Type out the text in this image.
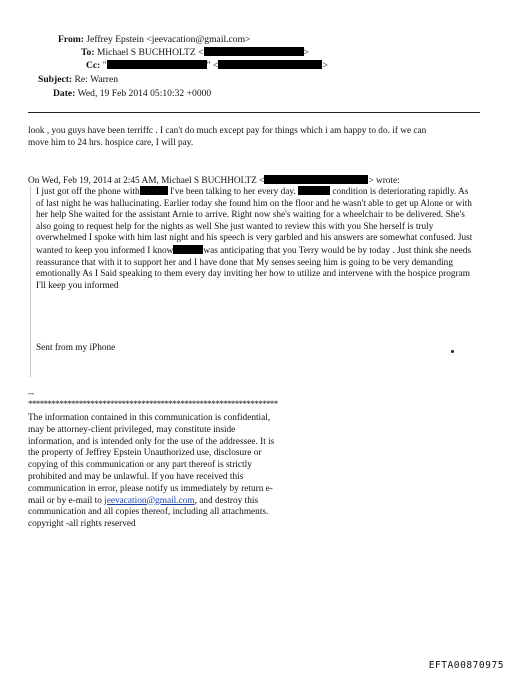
From: Jeffrey Epstein <jeevacation@gmail.com>
To: Michael S BUCHHOLTZ <	>
Cc: "	" <	>
Subject: Re: Warren
Date: Wed, 19 Feb 2014 05:10:32 +0000
look , you guys have been terriffc . I can't do much except pay for things which i am happy to do. if we can
move him to 24 hrs. hospice care, I will pay.
On Wed, Feb 19, 2014 at 2:45 AM, Michael S BUCHHOLTZ <	> wrote:
I just got off the phone with	I've been talking to her every day.	condition is deteriorating rapidly. As of last night he was hallucinating. Earlier today she found him on the floor and he wasn't able to get up Alone or with her help She waited for the assistant Arnie to arrive. Right now she's waiting for a wheelchair to be delivered. She's also going to request help for the nights as well She just wanted to review this with you She herself is truly overwhelmed I spoke with him last night and his speech is very garbled and his answers are somewhat confused. Just wanted to keep you informed I know	was anticipating that you Terry would be by today . Just think she needs reassurance that with it to support her and I have done that My senses seeing him is going to be very demanding emotionally As I Said speaking to them every day inviting her how to utilize and intervene with the hospice program I'll keep you informed
Sent from my iPhone
--
****************************************************************
The information contained in this communication is confidential, may be attorney-client privileged, may constitute inside information, and is intended only for the use of the addressee. It is the property of Jeffrey Epstein Unauthorized use, disclosure or copying of this communication or any part thereof is strictly prohibited and may be unlawful. If you have received this communication in error, please notify us immediately by return e-mail or by e-mail to jeevacation@gmail.com, and destroy this communication and all copies thereof, including all attachments. copyright -all rights reserved
EFTA00870975
